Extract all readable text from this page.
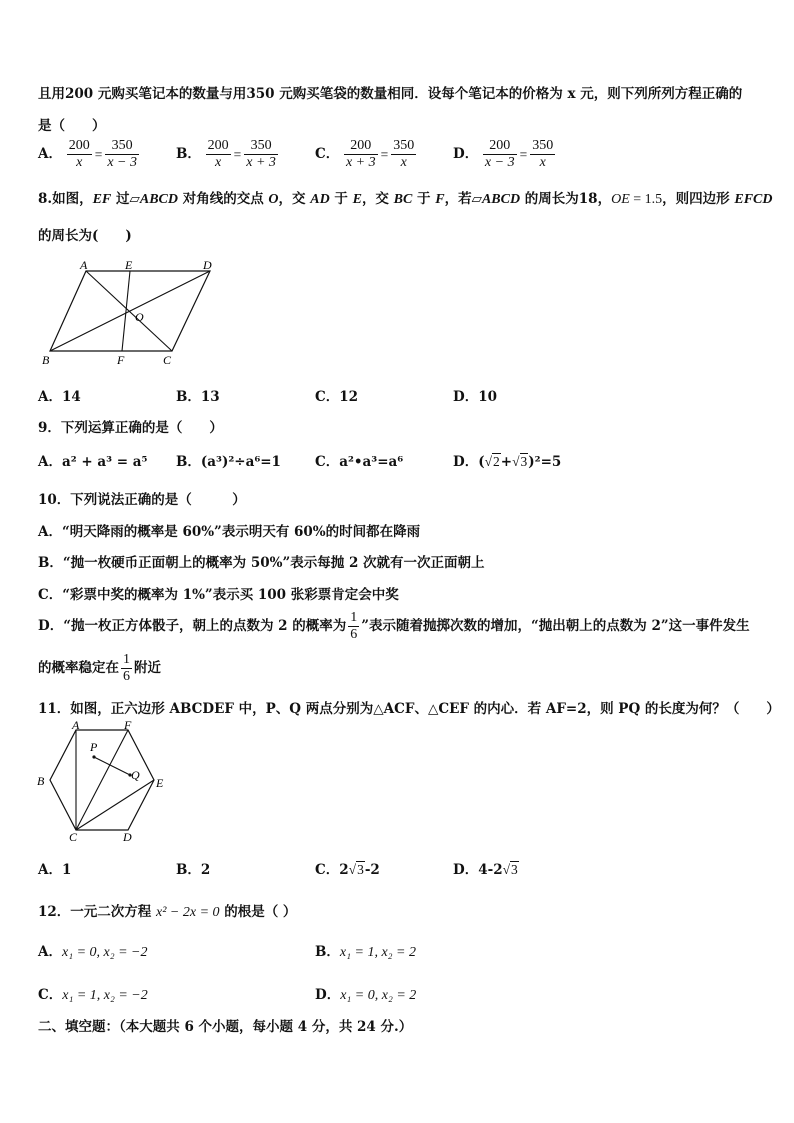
且用200 元购买笔记本的数量与用350 元购买笔袋的数量相同．设每个笔记本的价格为 x 元，则下列所列方程正确的
是（　　）
A． $\frac{200}{x} = \frac{350}{x - 3}$	B． $\frac{200}{x} = \frac{350}{x + 3}$	C． $\frac{200}{x + 3} = \frac{350}{x}$	D． $\frac{200}{x - 3} = \frac{350}{x}$
8.如图，EF 过▱ABCD 对角线的交点 O，交 AD 于 E，交 BC 于 F，若▱ABCD 的周长为18，OE = 1.5，则四边形 EFCD
的周长为(　　)
A	E	D
O
B	F	C
A．14	B．13	C．12	D．10
9．下列运算正确的是（　　）
A．a² + a³ = a⁵ B．(a³)²÷a⁶=1	C．a²•a³=a⁶	D．(√2+√3)²=5
10．下列说法正确的是（　　　）
A．“明天降雨的概率是 60%”表示明天有 60%的时间都在降雨
B．“抛一枚硬币正面朝上的概率为 50%”表示每抛 2 次就有一次正面朝上
C．“彩票中奖的概率为 1%”表示买 100 张彩票肯定会中奖
D．“抛一枚正方体骰子，朝上的点数为 2 的概率为 $\frac{1}{6}$ ”表示随着抛掷次数的增加，“抛出朝上的点数为 2”这一事件发生
的概率稳定在 $\frac{1}{6}$ 附近
11．如图，正六边形 ABCDEF 中，P、Q 两点分别为△ACF、△CEF 的内心．若 AF=2，则 PQ 的长度为何？（　　）
A	F
P
B	Q
E
C	D
A．1	B．2	C．2√3-2	D．4-2√3
12．一元二次方程 x² − 2x = 0 的根是（ ）
A．x₁ = 0, x₂ = −2	B．x₁ = 1, x₂ = 2
C．x₁ = 1, x₂ = −2	D．x₁ = 0, x₂ = 2
二、填空题：（本大题共 6 个小题，每小题 4 分，共 24 分.）
